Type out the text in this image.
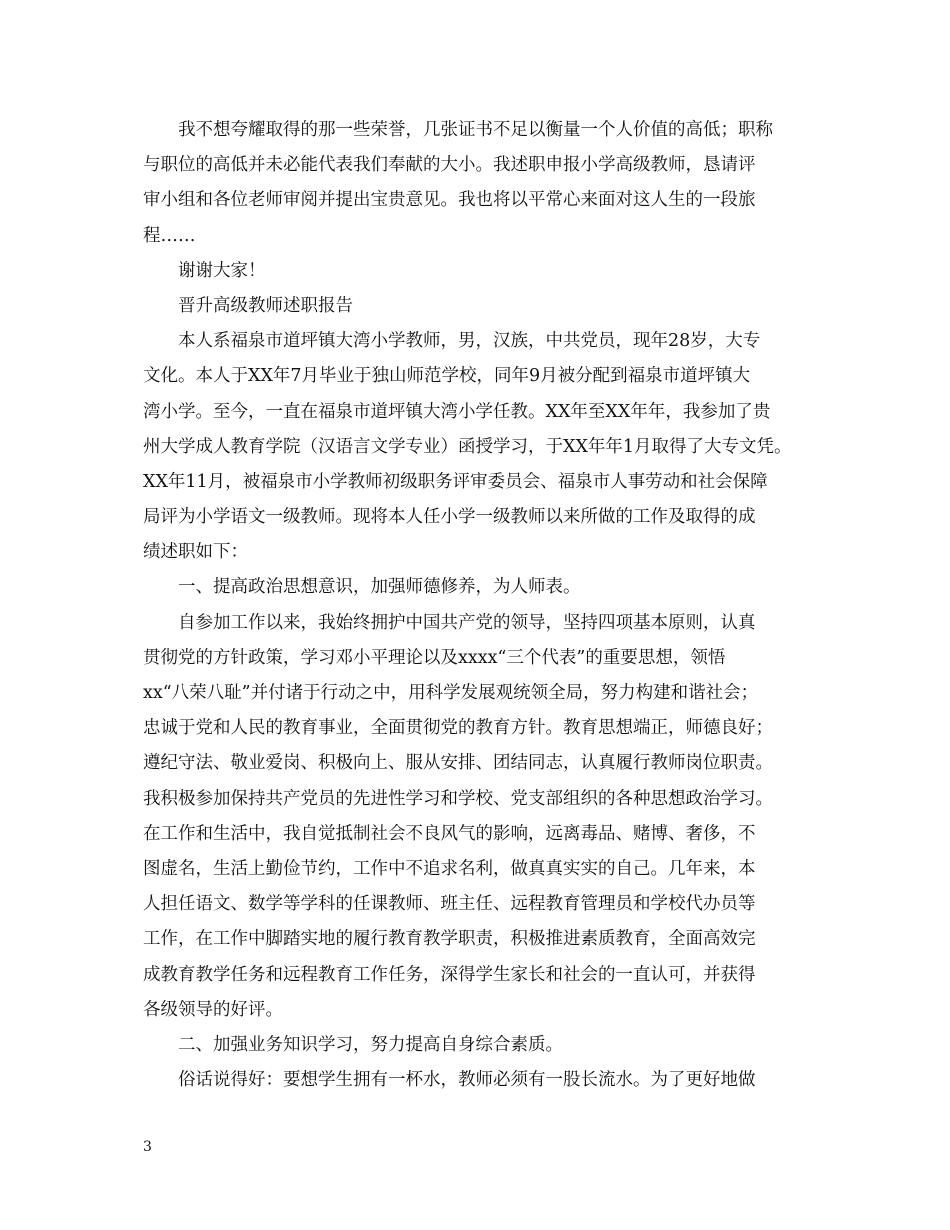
我不想夸耀取得的那一些荣誉，几张证书不足以衡量一个人价值的高低；职称
与职位的高低并未必能代表我们奉献的大小。我述职申报小学高级教师，恳请评
审小组和各位老师审阅并提出宝贵意见。我也将以平常心来面对这人生的一段旅
程……
谢谢大家！
晋升高级教师述职报告
本人系福泉市道坪镇大湾小学教师，男，汉族，中共党员，现年28岁，大专
文化。本人于XX年7月毕业于独山师范学校，同年9月被分配到福泉市道坪镇大
湾小学。至今，一直在福泉市道坪镇大湾小学任教。XX年至XX年年，我参加了贵
州大学成人教育学院（汉语言文学专业）函授学习，于XX年年1月取得了大专文凭。
XX年11月，被福泉市小学教师初级职务评审委员会、福泉市人事劳动和社会保障
局评为小学语文一级教师。现将本人任小学一级教师以来所做的工作及取得的成
绩述职如下：
一、提高政治思想意识，加强师德修养，为人师表。
自参加工作以来，我始终拥护中国共产党的领导，坚持四项基本原则，认真
贯彻党的方针政策，学习邓小平理论以及xxxx“三个代表”的重要思想，领悟
xx“八荣八耻”并付诸于行动之中，用科学发展观统领全局，努力构建和谐社会；
忠诚于党和人民的教育事业，全面贯彻党的教育方针。教育思想端正，师德良好；
遵纪守法、敬业爱岗、积极向上、服从安排、团结同志，认真履行教师岗位职责。
我积极参加保持共产党员的先进性学习和学校、党支部组织的各种思想政治学习。
在工作和生活中，我自觉抵制社会不良风气的影响，远离毒品、赌博、奢侈，不
图虚名，生活上勤俭节约，工作中不追求名利，做真真实实的自己。几年来，本
人担任语文、数学等学科的任课教师、班主任、远程教育管理员和学校代办员等
工作，在工作中脚踏实地的履行教育教学职责，积极推进素质教育，全面高效完
成教育教学任务和远程教育工作任务，深得学生家长和社会的一直认可，并获得
各级领导的好评。
二、加强业务知识学习，努力提高自身综合素质。
俗话说得好：要想学生拥有一杯水，教师必须有一股长流水。为了更好地做
3
